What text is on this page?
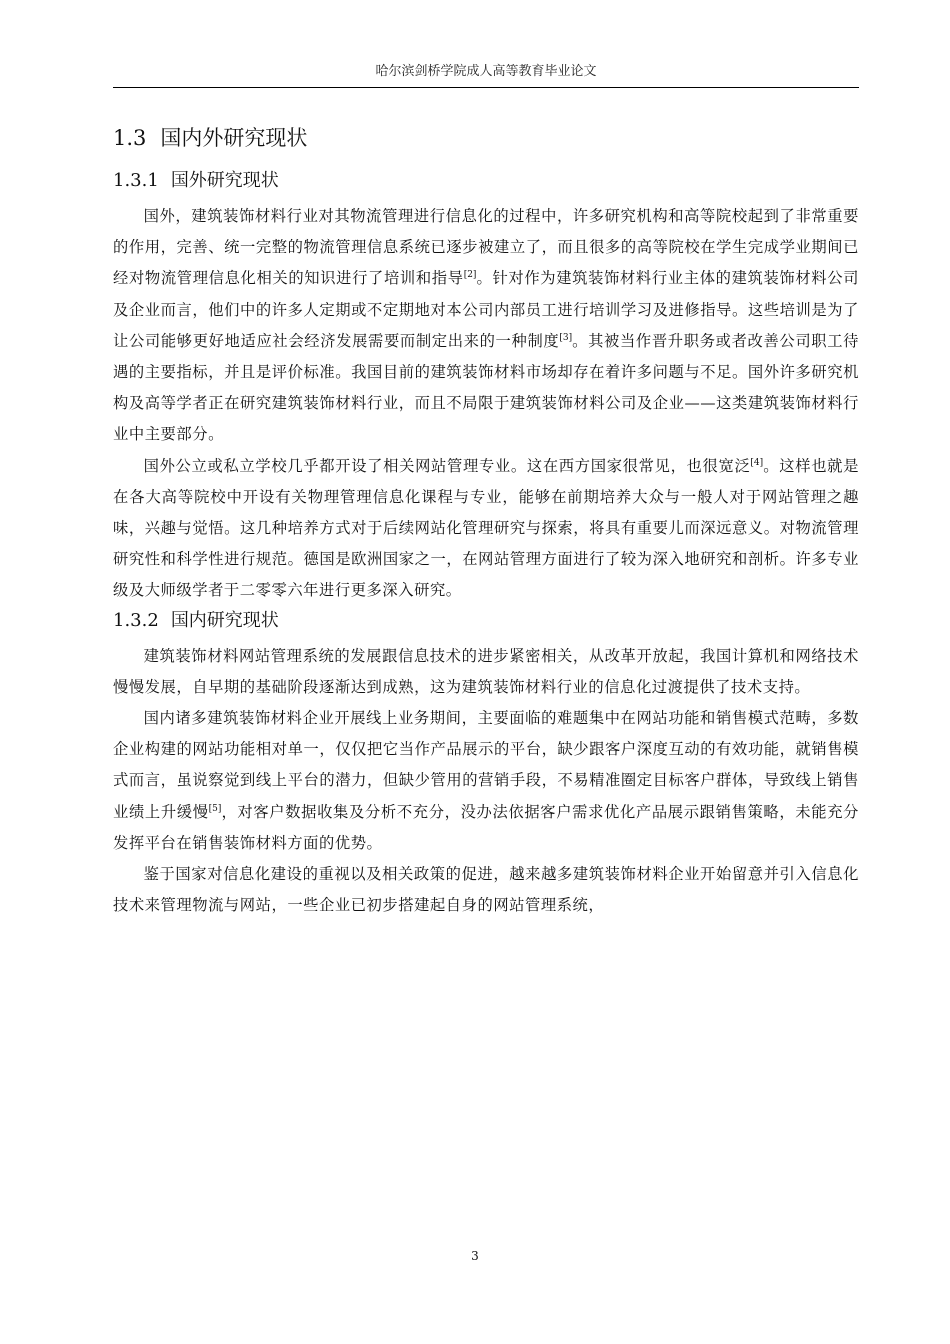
哈尔滨剑桥学院成人高等教育毕业论文
1.3 国内外研究现状
1.3.1 国外研究现状

国外，建筑装饰材料行业对其物流管理进行信息化的过程中，许多研究机构和高等院校起到了非常重要的作用，完善、统一完整的物流管理信息系统已逐步被建立了，而且很多的高等院校在学生完成学业期间已经对物流管理信息化相关的知识进行了培训和指导[2]。针对作为建筑装饰材料行业主体的建筑装饰材料公司及企业而言，他们中的许多人定期或不定期地对本公司内部员工进行培训学习及进修指导。这些培训是为了让公司能够更好地适应社会经济发展需要而制定出来的一种制度[3]。其被当作晋升职务或者改善公司职工待遇的主要指标，并且是评价标准。我国目前的建筑装饰材料市场却存在着许多问题与不足。国外许多研究机构及高等学者正在研究建筑装饰材料行业，而且不局限于建筑装饰材料公司及企业——这类建筑装饰材料行业中主要部分。

国外公立或私立学校几乎都开设了相关网站管理专业。这在西方国家很常见，也很宽泛[4]。这样也就是在各大高等院校中开设有关物理管理信息化课程与专业，能够在前期培养大众与一般人对于网站管理之趣味，兴趣与觉悟。这几种培养方式对于后续网站化管理研究与探索，将具有重要儿而深远意义。对物流管理研究性和科学性进行规范。德国是欧洲国家之一，在网站管理方面进行了较为深入地研究和剖析。许多专业级及大师级学者于二零零六年进行更多深入研究。

1.3.2 国内研究现状

建筑装饰材料网站管理系统的发展跟信息技术的进步紧密相关，从改革开放起，我国计算机和网络技术慢慢发展，自早期的基础阶段逐渐达到成熟，这为建筑装饰材料行业的信息化过渡提供了技术支持。

国内诸多建筑装饰材料企业开展线上业务期间，主要面临的难题集中在网站功能和销售模式范畴，多数企业构建的网站功能相对单一，仅仅把它当作产品展示的平台，缺少跟客户深度互动的有效功能，就销售模式而言，虽说察觉到线上平台的潜力，但缺少管用的营销手段，不易精准圈定目标客户群体，导致线上销售业绩上升缓慢[5]，对客户数据收集及分析不充分，没办法依据客户需求优化产品展示跟销售策略，未能充分发挥平台在销售装饰材料方面的优势。

鉴于国家对信息化建设的重视以及相关政策的促进，越来越多建筑装饰材料企业开始留意并引入信息化技术来管理物流与网站，一些企业已初步搭建起自身的网站管理系统，

3
